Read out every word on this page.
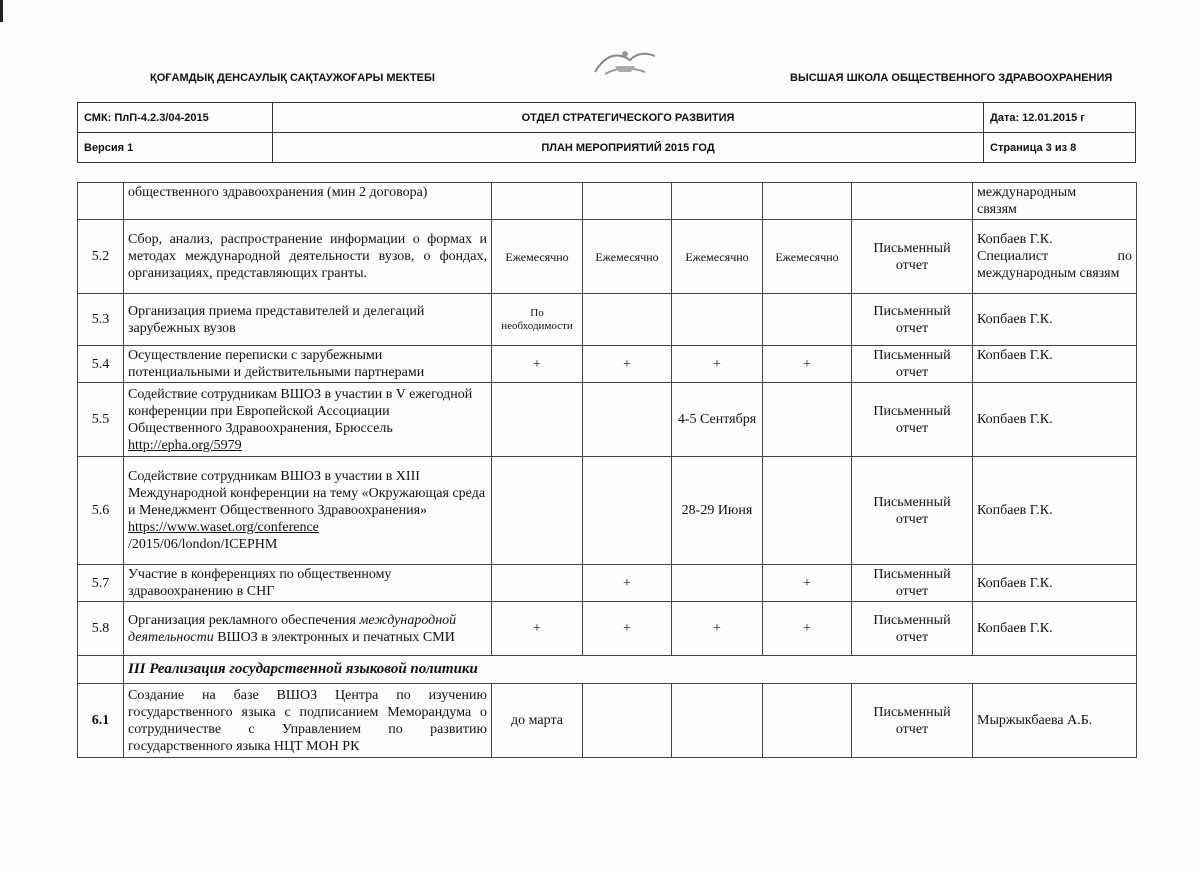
ҚОҒАМДЫҚ ДЕНСАУЛЫҚ САҚТАУЖОҒАРЫ МЕКТЕБІ	ВЫСШАЯ ШКОЛА ОБЩЕСТВЕННОГО ЗДРАВООХРАНЕНИЯ
СМК: ПлП-4.2.3/04-2015	ОТДЕЛ СТРАТЕГИЧЕСКОГО РАЗВИТИЯ	Дата: 12.01.2015 г
Версия 1	ПЛАН МЕРОПРИЯТИЙ 2015 ГОД	Страница 3 из 8
	общественного здравоохранения (мин 2 договора)						международным
связям

5.2	Сбор, анализ, распространение информации о формах и методах международной деятельности вузов, о фондах, организациях, представляющих гранты.	Ежемесячно	Ежемесячно	Ежемесячно	Ежемесячно	Письменный отчет	Копбаев Г.К.
Специалист по
международным связям

5.3	Организация приема представителей и делегаций зарубежных вузов	По необходимости				Письменный отчет	Копбаев Г.К.
5.4	Осуществление переписки с зарубежными потенциальными и действительными партнерами	+	+	+	+	Письменный отчет	Копбаев Г.К.
5.5	Содействие сотрудникам ВШОЗ в участии в V ежегодной конференции при Европейской Ассоциации Общественного Здравоохранения, Брюссель http://epha.org/5979			4-5 Сентября		Письменный отчет	Копбаев Г.К.
5.6	Содействие сотрудникам ВШОЗ в участии в XIII Международной конференции на тему «Окружающая среда и Менеджмент Общественного Здравоохранения»
https://www.waset.org/conference
/2015/06/london/ICEPHM			28-29 Июня		Письменный отчет	Копбаев Г.К.
5.7	Участие в конференциях по общественному здравоохранению в СНГ		+		+	Письменный отчет	Копбаев Г.К.
5.8	Организация рекламного обеспечения международной деятельности ВШОЗ в электронных и печатных СМИ	+	+	+	+	Письменный отчет	Копбаев Г.К.
	III Реализация государственной языковой политики						
6.1	Создание на базе ВШОЗ Центра по изучению государственного языка с подписанием Меморандума о сотрудничестве с Управлением по развитию государственного языка НЦТ МОН РК	до марта				Письменный отчет	Мыржыкбаева А.Б.
